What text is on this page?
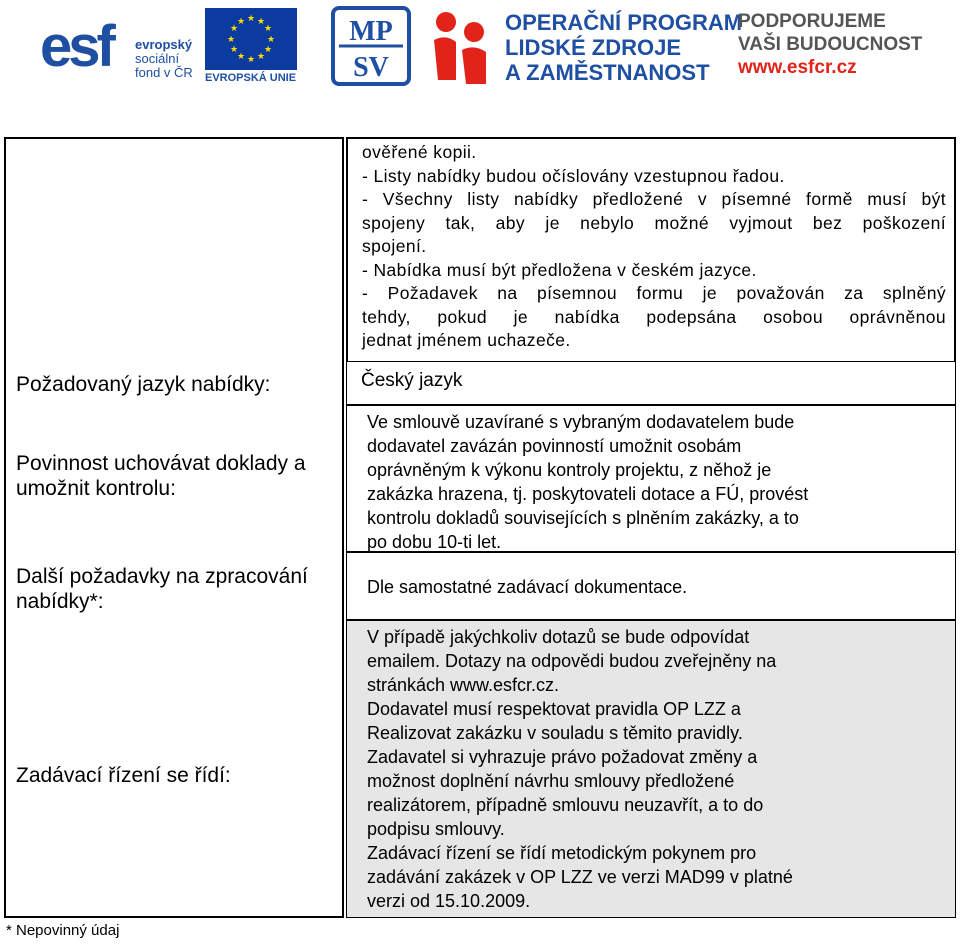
esf evropský
sociální
fond v ČR
★ ★
★
★
★
★
★
★
★
★
★
★
EVROPSKÁ UNIE
MP
SV
OPERAČNÍ PROGRAM
LIDSKÉ ZDROJE
A ZAMĚSTNANOST
PODPORUJEME
VAŠI BUDOUCNOST
www.esfcr.cz
Požadovaný jazyk nabídky:
Povinnost uchovávat doklady a umožnit kontrolu:
Další požadavky na zpracování nabídky*:
Zadávací řízení se řídí:

ověřené kopii.

- Listy nabídky budou očíslovány vzestupnou řadou.

- Všechny listy nabídky předložené v písemné formě musí být

spojeny tak, aby je nebylo možné vyjmout bez poškození

spojení.

- Nabídka musí být předložena v českém jazyce.

- Požadavek na písemnou formu je považován za splněný

tehdy, pokud je nabídka podepsána osobou oprávněnou

jednat jménem uchazeče.

Český jazyk

Ve smlouvě uzavírané s vybraným dodavatelem bude

dodavatel zavázán povinností umožnit osobám

oprávněným k výkonu kontroly projektu, z něhož je

zakázka hrazena, tj. poskytovateli dotace a FÚ, provést

kontrolu dokladů souvisejících s plněním zakázky, a to

po dobu 10-ti let.

Dle samostatné zadávací dokumentace.

V případě jakýchkoliv dotazů se bude odpovídat

emailem. Dotazy na odpovědi budou zveřejněny na

stránkách www.esfcr.cz.

Dodavatel musí respektovat pravidla OP LZZ a

Realizovat zakázku v souladu s těmito pravidly.

Zadavatel si vyhrazuje právo požadovat změny a

možnost doplnění návrhu smlouvy předložené

realizátorem, případně smlouvu neuzavřít, a to do

podpisu smlouvy.

Zadávací řízení se řídí metodickým pokynem pro

zadávání zakázek v OP LZZ ve verzi MAD99 v platné

verzi od 15.10.2009.

* Nepovinný údaj
